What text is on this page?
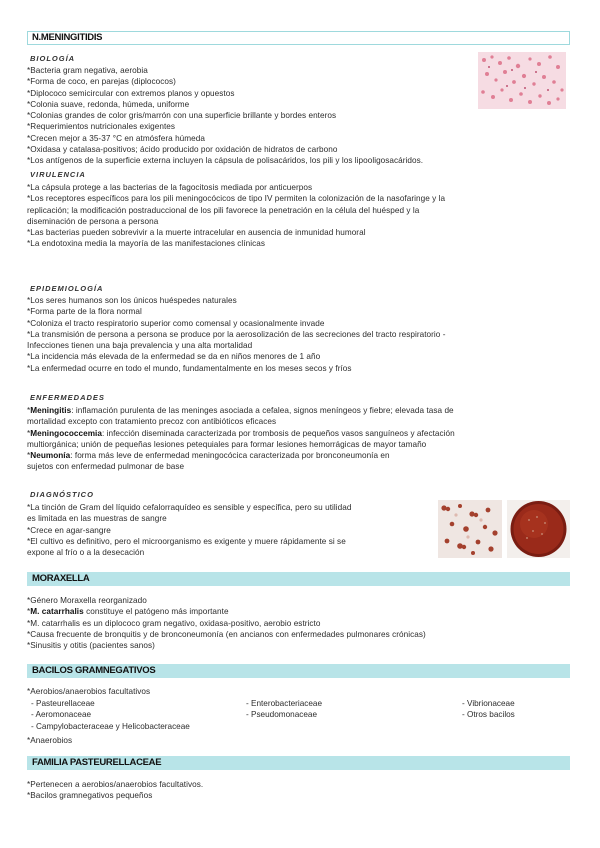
N.MENINGITIDIS
BIOLOGÍA

*Bacteria gram negativa, aerobia

*Forma de coco, en parejas (diplococos)

*Diplococo semicircular con extremos planos y opuestos

*Colonia suave, redonda, húmeda, uniforme

*Colonias grandes de color gris/marrón con una superficie brillante y bordes enteros

*Requerimientos nutricionales exigentes

*Crecen mejor a 35-37 °C en atmósfera húmeda

*Oxidasa y catalasa-positivos; ácido producido por oxidación de hidratos de carbono

*Los antígenos de la superficie externa incluyen la cápsula de polisacáridos, los pili y los lipooligosacáridos.

VIRULENCIA

*La cápsula protege a las bacterias de la fagocitosis mediada por anticuerpos

*Los receptores específicos para los pili meningocócicos de tipo IV permiten la colonización de la nasofaringe y la

replicación; la modificación postraduccional de los pili favorece la penetración en la célula del huésped y la

diseminación de persona a persona

*Las bacterias pueden sobrevivir a la muerte intracelular en ausencia de inmunidad humoral

*La endotoxina media la mayoría de las manifestaciones clínicas

EPIDEMIOLOGÍA

*Los seres humanos son los únicos huéspedes naturales

*Forma parte de la flora normal

*Coloniza el tracto respiratorio superior como comensal y ocasionalmente invade

*La transmisión de persona a persona se produce por la aerosolización de las secreciones del tracto respiratorio -

Infecciones tienen una baja prevalencia y una alta mortalidad

*La incidencia más elevada de la enfermedad se da en niños menores de 1 año

*La enfermedad ocurre en todo el mundo, fundamentalmente en los meses secos y fríos

ENFERMEDADES

*Meningitis: inflamación purulenta de las meninges asociada a cefalea, signos meníngeos y fiebre; elevada tasa de

mortalidad excepto con tratamiento precoz con antibióticos eficaces

*Meningococcemia: infección diseminada caracterizada por trombosis de pequeños vasos sanguíneos y afectación

multiorgánica; unión de pequeñas lesiones petequiales para formar lesiones hemorrágicas de mayor tamaño

*Neumonía: forma más leve de enfermedad meningocócica caracterizada por bronconeumonía en

sujetos con enfermedad pulmonar de base

DIAGNÓSTICO

*La tinción de Gram del líquido cefalorraquídeo es sensible y específica, pero su utilidad

es limitada en las muestras de sangre

*Crece en agar-sangre

*El cultivo es definitivo, pero el microorganismo es exigente y muere rápidamente si se

expone al frío o a la desecación

MORAXELLA

*Género Moraxella reorganizado

*M. catarrhalis constituye el patógeno más importante

*M. catarrhalis es un diplococo gram negativo, oxidasa-positivo, aerobio estricto

*Causa frecuente de bronquitis y de bronconeumonía (en ancianos con enfermedades pulmonares crónicas)

*Sinusitis y otitis (pacientes sanos)

BACILOS GRAMNEGATIVOS
*Aerobios/anaerobios facultativos

- Pasteurellaceae

- Aeromonaceae

- Campylobacteraceae y Helicobacteraceae

- Enterobacteriaceae

- Pseudomonaceae

- Vibrionaceae

- Otros bacilos

*Anaerobios
FAMILIA PASTEURELLACEAE

*Pertenecen a aerobios/anaerobios facultativos.

*Bacilos gramnegativos pequeños
